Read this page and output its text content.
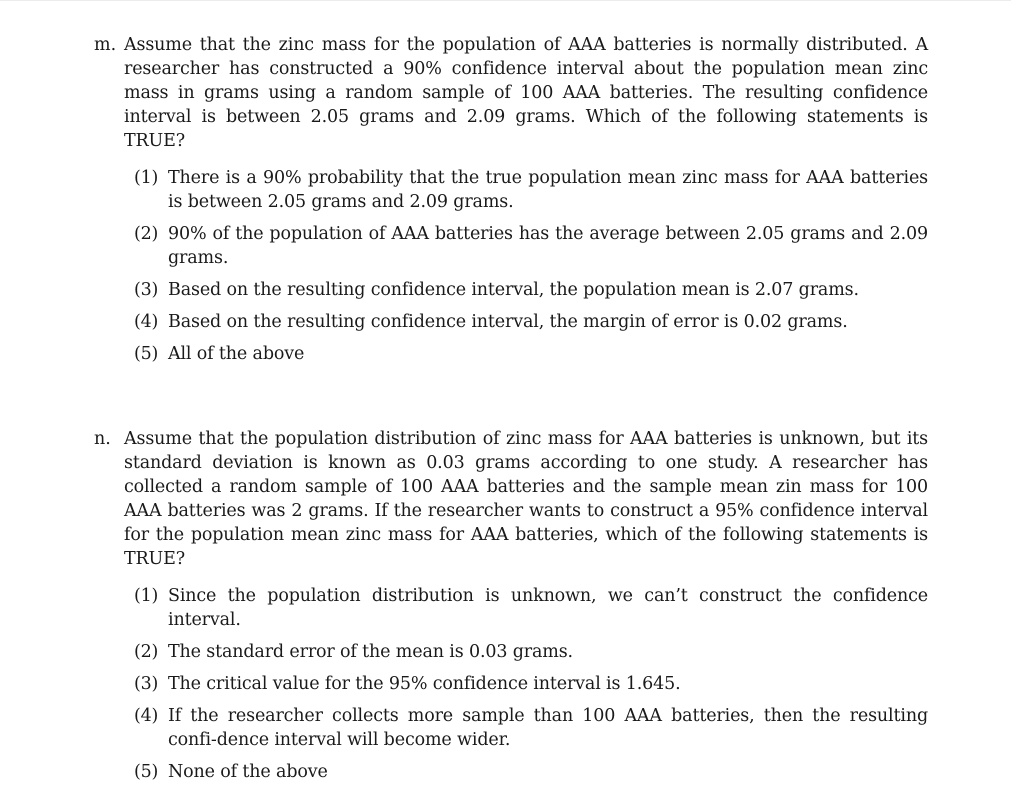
m. Assume that the zinc mass for the population of AAA batteries is normally distributed. A researcher has constructed a 90% confidence interval about the population mean zinc mass in grams using a random sample of 100 AAA batteries. The resulting confidence interval is between 2.05 grams and 2.09 grams. Which of the following statements is TRUE?
(1) There is a 90% probability that the true population mean zinc mass for AAA batteries is between 2.05 grams and 2.09 grams.
(2) 90% of the population of AAA batteries has the average between 2.05 grams and 2.09 grams.
(3) Based on the resulting confidence interval, the population mean is 2.07 grams.
(4) Based on the resulting confidence interval, the margin of error is 0.02 grams.
(5) All of the above
n. Assume that the population distribution of zinc mass for AAA batteries is unknown, but its standard deviation is known as 0.03 grams according to one study. A researcher has collected a random sample of 100 AAA batteries and the sample mean zin mass for 100 AAA batteries was 2 grams. If the researcher wants to construct a 95% confidence interval for the population mean zinc mass for AAA batteries, which of the following statements is TRUE?
(1) Since the population distribution is unknown, we can’t construct the confidence interval.
(2) The standard error of the mean is 0.03 grams.
(3) The critical value for the 95% confidence interval is 1.645.
(4) If the researcher collects more sample than 100 AAA batteries, then the resulting confi-dence interval will become wider.
(5) None of the above
